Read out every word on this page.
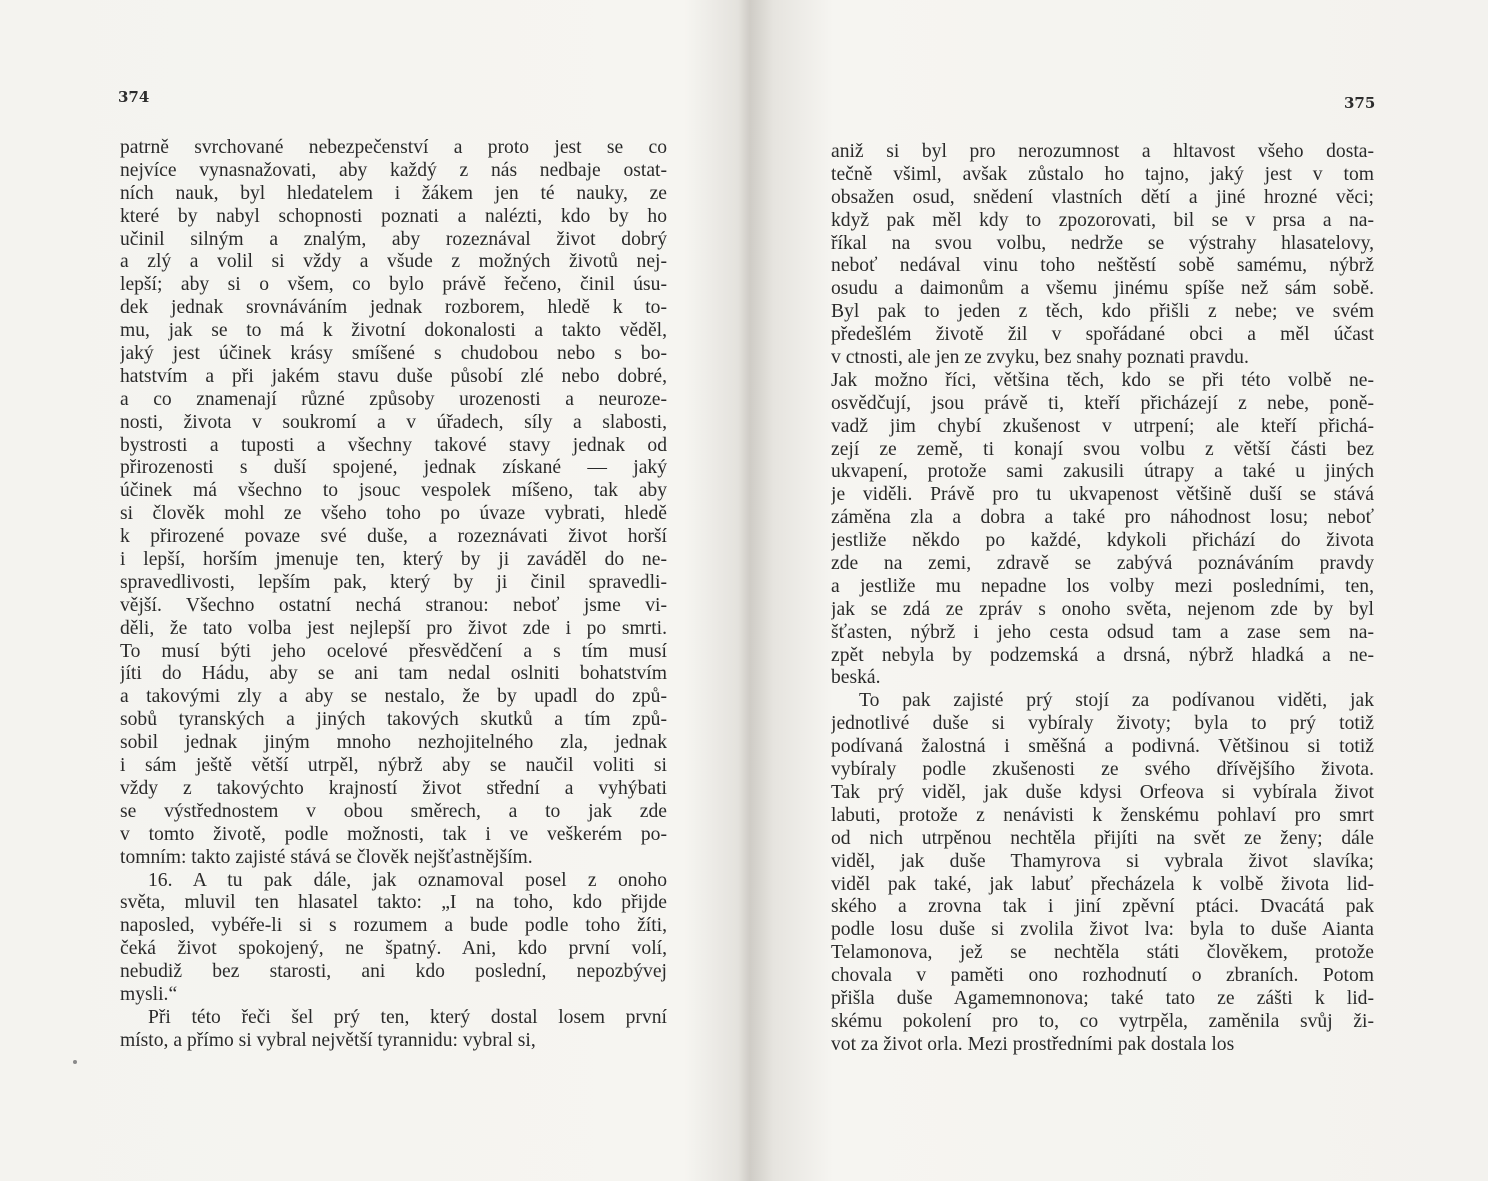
374
patrně svrchované nebezpečenství a proto jest se co
nejvíce vynasnažovati, aby každý z nás nedbaje ostat-
ních nauk, byl hledatelem i žákem jen té nauky, ze
které by nabyl schopnosti poznati a nalézti, kdo by ho
učinil silným a znalým, aby rozeznával život dobrý
a zlý a volil si vždy a všude z možných životů nej-
lepší; aby si o všem, co bylo právě řečeno, činil úsu-
dek jednak srovnáváním jednak rozborem, hledě k to-
mu, jak se to má k životní dokonalosti a takto věděl,
jaký jest účinek krásy smíšené s chudobou nebo s bo-
hatstvím a při jakém stavu duše působí zlé nebo dobré,
a co znamenají různé způsoby urozenosti a neuroze-
nosti, života v soukromí a v úřadech, síly a slabosti,
bystrosti a tuposti a všechny takové stavy jednak od
přirozenosti s duší spojené, jednak získané — jaký
účinek má všechno to jsouc vespolek míšeno, tak aby
si člověk mohl ze všeho toho po úvaze vybrati, hledě
k přirozené povaze své duše, a rozeznávati život horší
i lepší, horším jmenuje ten, který by ji zaváděl do ne-
spravedlivosti, lepším pak, který by ji činil spravedli-
vější. Všechno ostatní nechá stranou: neboť jsme vi-
děli, že tato volba jest nejlepší pro život zde i po smrti.
To musí býti jeho ocelové přesvědčení a s tím musí
jíti do Hádu, aby se ani tam nedal oslniti bohatstvím
a takovými zly a aby se nestalo, že by upadl do způ-
sobů tyranských a jiných takových skutků a tím způ-
sobil jednak jiným mnoho nezhojitelného zla, jednak
i sám ještě větší utrpěl, nýbrž aby se naučil voliti si
vždy z takovýchto krajností život střední a vyhýbati
se výstřednostem v obou směrech, a to jak zde
v tomto životě, podle možnosti, tak i ve veškerém po-
tomním: takto zajisté stává se člověk nejšťastnějším.
16. A tu pak dále, jak oznamoval posel z onoho
světa, mluvil ten hlasatel takto: „I na toho, kdo přijde
naposled, vybéře-li si s rozumem a bude podle toho žíti,
čeká život spokojený, ne špatný. Ani, kdo první volí,
nebudiž bez starosti, ani kdo poslední, nepozbývej
mysli.“
Při této řeči šel prý ten, který dostal losem první
místo, a přímo si vybral největší tyrannidu: vybral si,
375
aniž si byl pro nerozumnost a hltavost všeho dosta-
tečně všiml, avšak zůstalo ho tajno, jaký jest v tom
obsažen osud, snědení vlastních dětí a jiné hrozné věci;
když pak měl kdy to zpozorovati, bil se v prsa a na-
říkal na svou volbu, nedrže se výstrahy hlasatelovy,
neboť nedával vinu toho neštěstí sobě samému, nýbrž
osudu a daimonům a všemu jinému spíše než sám sobě.
Byl pak to jeden z těch, kdo přišli z nebe; ve svém
předešlém životě žil v spořádané obci a měl účast
v ctnosti, ale jen ze zvyku, bez snahy poznati pravdu.
Jak možno říci, většina těch, kdo se při této volbě ne-
osvědčují, jsou právě ti, kteří přicházejí z nebe, poně-
vadž jim chybí zkušenost v utrpení; ale kteří přichá-
zejí ze země, ti konají svou volbu z větší části bez
ukvapení, protože sami zakusili útrapy a také u jiných
je viděli. Právě pro tu ukvapenost většině duší se stává
záměna zla a dobra a také pro náhodnost losu; neboť
jestliže někdo po každé, kdykoli přichází do života
zde na zemi, zdravě se zabývá poznáváním pravdy
a jestliže mu nepadne los volby mezi posledními, ten,
jak se zdá ze zpráv s onoho světa, nejenom zde by byl
šťasten, nýbrž i jeho cesta odsud tam a zase sem na-
zpět nebyla by podzemská a drsná, nýbrž hladká a ne-
beská.
To pak zajisté prý stojí za podívanou viděti, jak
jednotlivé duše si vybíraly životy; byla to prý totiž
podívaná žalostná i směšná a podivná. Většinou si totiž
vybíraly podle zkušenosti ze svého dřívějšího života.
Tak prý viděl, jak duše kdysi Orfeova si vybírala život
labuti, protože z nenávisti k ženskému pohlaví pro smrt
od nich utrpěnou nechtěla přijíti na svět ze ženy; dále
viděl, jak duše Thamyrova si vybrala život slavíka;
viděl pak také, jak labuť přecházela k volbě života lid-
ského a zrovna tak i jiní zpěvní ptáci. Dvacátá pak
podle losu duše si zvolila život lva: byla to duše Aianta
Telamonova, jež se nechtěla státi člověkem, protože
chovala v paměti ono rozhodnutí o zbraních. Potom
přišla duše Agamemnonova; také tato ze zášti k lid-
skému pokolení pro to, co vytrpěla, zaměnila svůj ži-
vot za život orla. Mezi prostředními pak dostala los
